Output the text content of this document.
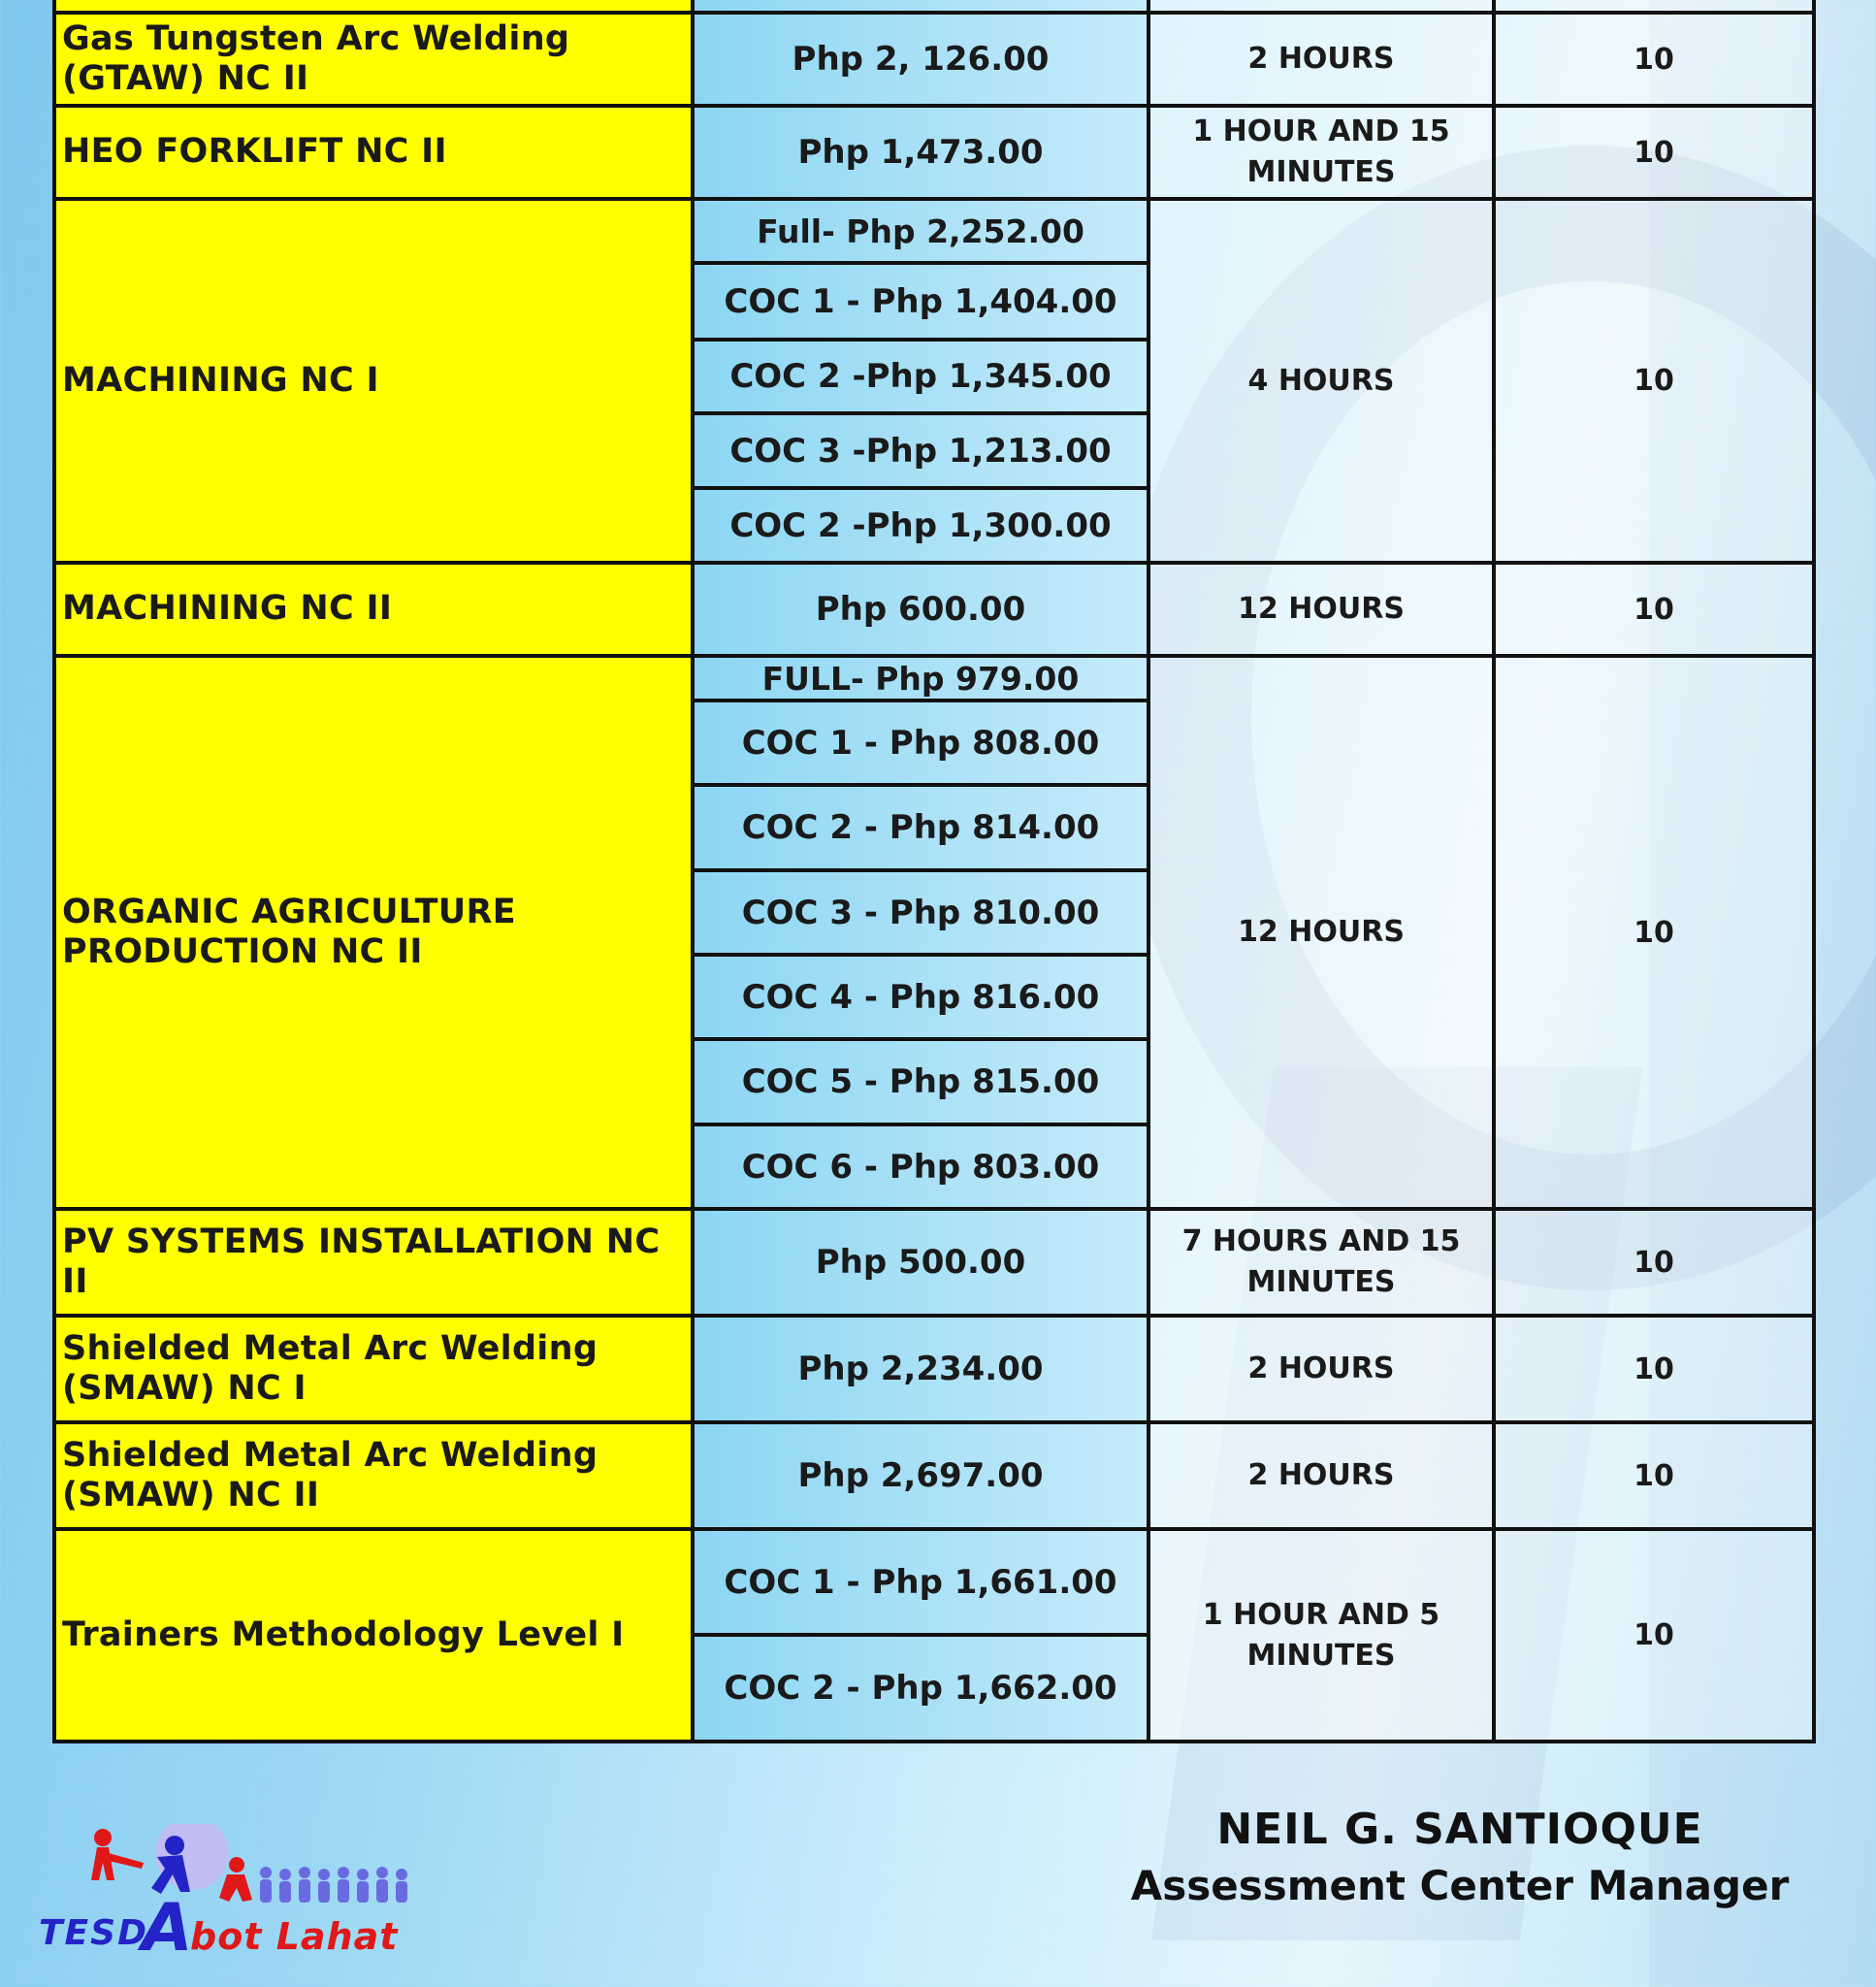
Gas Tungsten Arc Welding (GTAW) NC II	Php 2, 126.00	2 HOURS	10
HEO FORKLIFT NC II	Php 1,473.00	1 HOUR AND 15 MINUTES	10
MACHINING NC I	Full- Php 2,252.00	4 HOURS	10
	COC 1 - Php 1,404.00		
	COC 2 -Php 1,345.00		
	COC 3 -Php 1,213.00		
	COC 2 -Php 1,300.00		
MACHINING NC II	Php 600.00	12 HOURS	10
ORGANIC AGRICULTURE PRODUCTION NC II	FULL- Php 979.00	12 HOURS	10
	COC 1 - Php 808.00		
	COC 2 - Php 814.00		
	COC 3 - Php 810.00		
	COC 4 - Php 816.00		
	COC 5 - Php 815.00		
	COC 6 - Php 803.00		
PV SYSTEMS INSTALLATION NC II	Php 500.00	7 HOURS AND 15 MINUTES	10
Shielded Metal Arc Welding (SMAW) NC I	Php 2,234.00	2 HOURS	10
Shielded Metal Arc Welding (SMAW) NC II	Php 2,697.00	2 HOURS	10
Trainers Methodology Level I	COC 1 - Php 1,661.00	1 HOUR AND 5 MINUTES	10
	COC 2 - Php 1,662.00		
TESD
A
bot Lahat
NEIL G. SANTIOQUE
Assessment Center Manager
